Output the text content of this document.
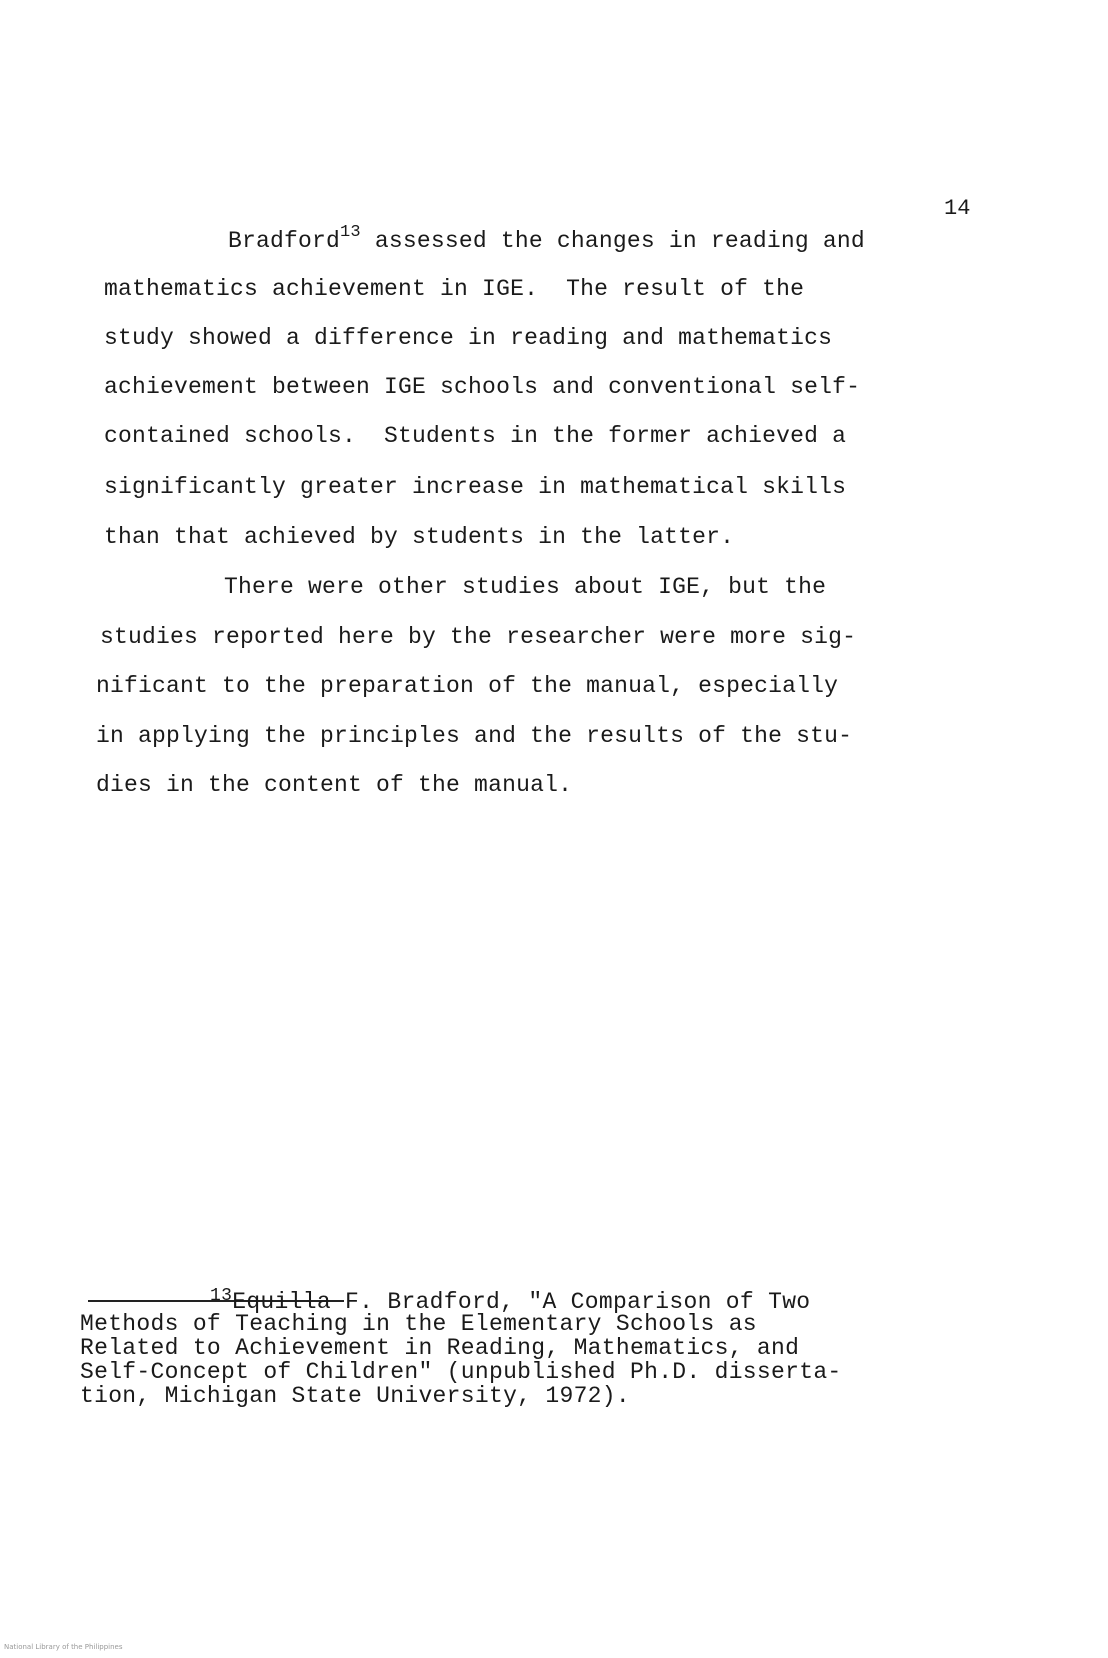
14
Bradford$^{13}$ assessed the changes in reading and
mathematics achievement in IGE.  The result of the
study showed a difference in reading and mathematics
achievement between IGE schools and conventional self-
contained schools.  Students in the former achieved a
significantly greater increase in mathematical skills
than that achieved by students in the latter.
There were other studies about IGE, but the
studies reported here by the researcher were more sig-
nificant to the preparation of the manual, especially
in applying the principles and the results of the stu-
dies in the content of the manual.
$^{13}$Equilla F. Bradford, "A Comparison of Two
Methods of Teaching in the Elementary Schools as
Related to Achievement in Reading, Mathematics, and
Self-Concept of Children" (unpublished Ph.D. disserta-
tion, Michigan State University, 1972).
National Library of the Philippines
